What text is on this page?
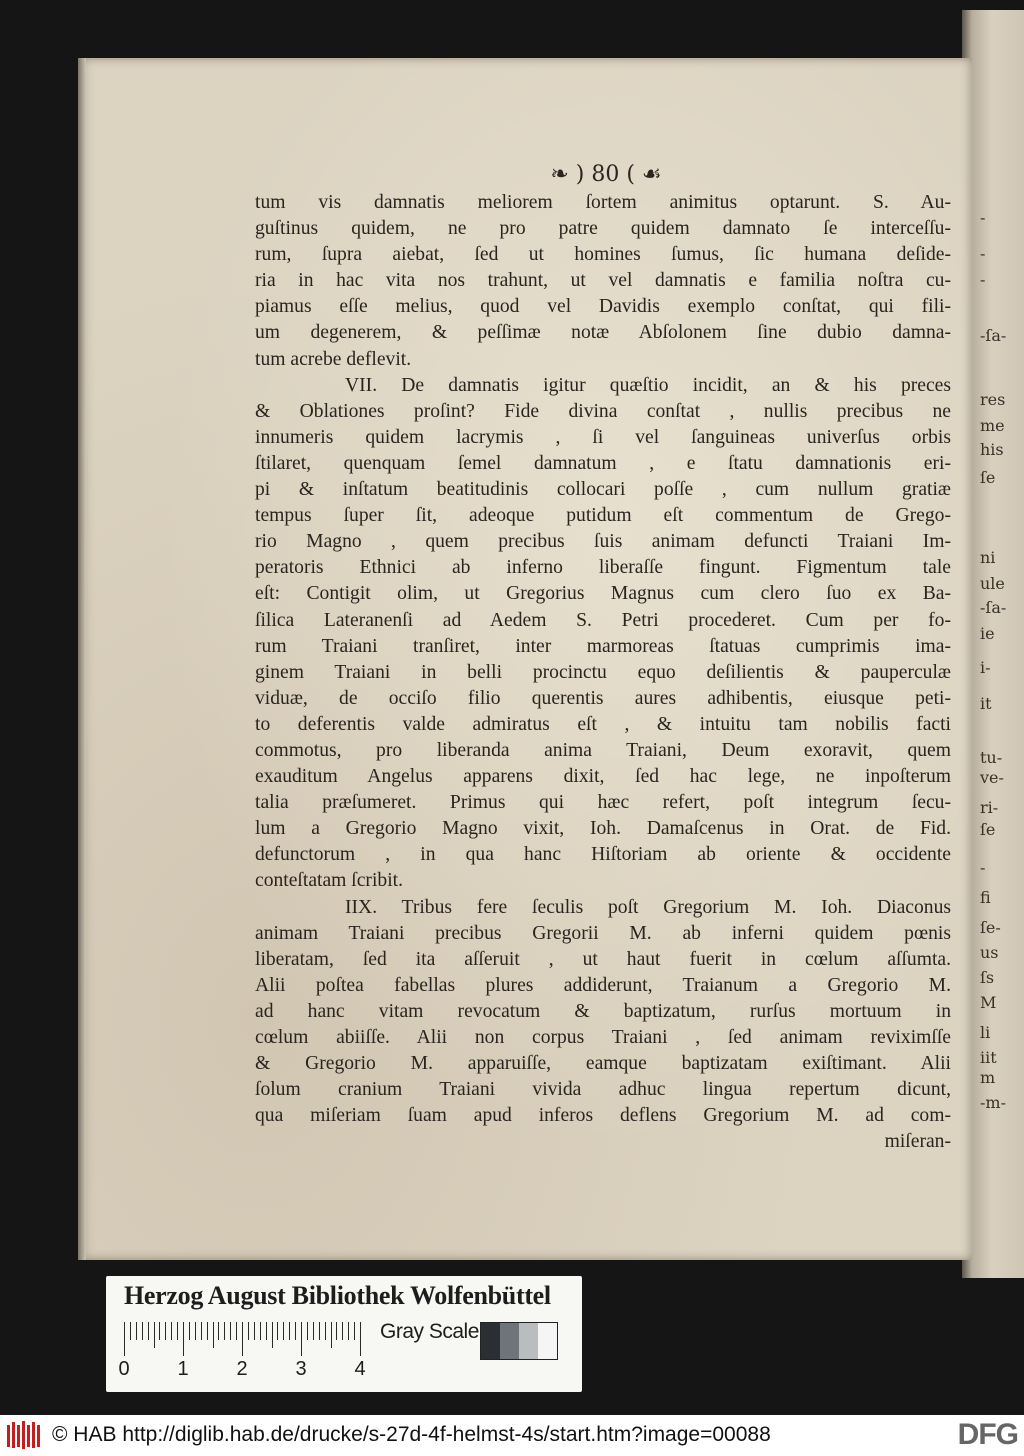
-
-
-
-ſa-
res
me
his
ſe
ni
ule
-ſa-
ie
i-
it
tu-
ve-
ri-
ſe
-
fi
ſe-
us
ſs
M
li
iit
m
-m-
❧ ) 80 ( ☙
tum vis damnatis meliorem ſortem animitus optarunt. S. Au-
guſtinus quidem, ne pro patre quidem damnato ſe interceſſu-
rum, ſupra aiebat, ſed ut homines ſumus, ſic humana deſide-
ria in hac vita nos trahunt, ut vel damnatis e familia noſtra cu-
piamus eſſe melius, quod vel Davidis exemplo conſtat, qui fili-
um degenerem, & peſſimæ notæ Abſolonem ſine dubio damna-
tum acrebe deflevit.
VII. De damnatis igitur quæſtio incidit, an & his preces
& Oblationes proſint? Fide divina conſtat , nullis precibus ne
innumeris quidem lacrymis , ſi vel ſanguineas univerſus orbis
ſtilaret, quenquam ſemel damnatum , e ſtatu damnationis eri-
pi & inſtatum beatitudinis collocari poſſe , cum nullum gratiæ
tempus ſuper ſit, adeoque putidum eſt commentum de Grego-
rio Magno , quem precibus ſuis animam defuncti Traiani Im-
peratoris Ethnici ab inferno liberaſſe fingunt. Figmentum tale
eſt: Contigit olim, ut Gregorius Magnus cum clero ſuo ex Ba-
ſilica Lateranenſi ad Aedem S. Petri procederet. Cum per fo-
rum Traiani tranſiret, inter marmoreas ſtatuas cumprimis ima-
ginem Traiani in belli procinctu equo deſilientis & pauperculæ
viduæ, de occiſo filio querentis aures adhibentis, eiusque peti-
to deferentis valde admiratus eſt , & intuitu tam nobilis facti
commotus, pro liberanda anima Traiani, Deum exoravit, quem
exauditum Angelus apparens dixit, ſed hac lege, ne inpoſterum
talia præſumeret. Primus qui hæc refert, poſt integrum ſecu-
lum a Gregorio Magno vixit, Ioh. Damaſcenus in Orat. de Fid.
defunctorum , in qua hanc Hiſtoriam ab oriente & occidente
conteſtatam ſcribit.
IIX. Tribus fere ſeculis poſt Gregorium M. Ioh. Diaconus
animam Traiani precibus Gregorii M. ab inferni quidem pœnis
liberatam, ſed ita aſſeruit , ut haut fuerit in cœlum aſſumta.
Alii poſtea fabellas plures addiderunt, Traianum a Gregorio M.
ad hanc vitam revocatum & baptizatum, rurſus mortuum in
cœlum abiiſſe. Alii non corpus Traiani , ſed animam reviximſſe
& Gregorio M. apparuiſſe, eamque baptizatam exiſtimant. Alii
ſolum cranium Traiani vivida adhuc lingua repertum dicunt,
qua miſeriam ſuam apud inferos deflens Gregorium M. ad com-
miſeran-
Herzog August Bibliothek Wolfenbüttel
0 1 2 3 4
Gray Scale
© HAB http://diglib.hab.de/drucke/s-27d-4f-helmst-4s/start.htm?image=00088	DFG
